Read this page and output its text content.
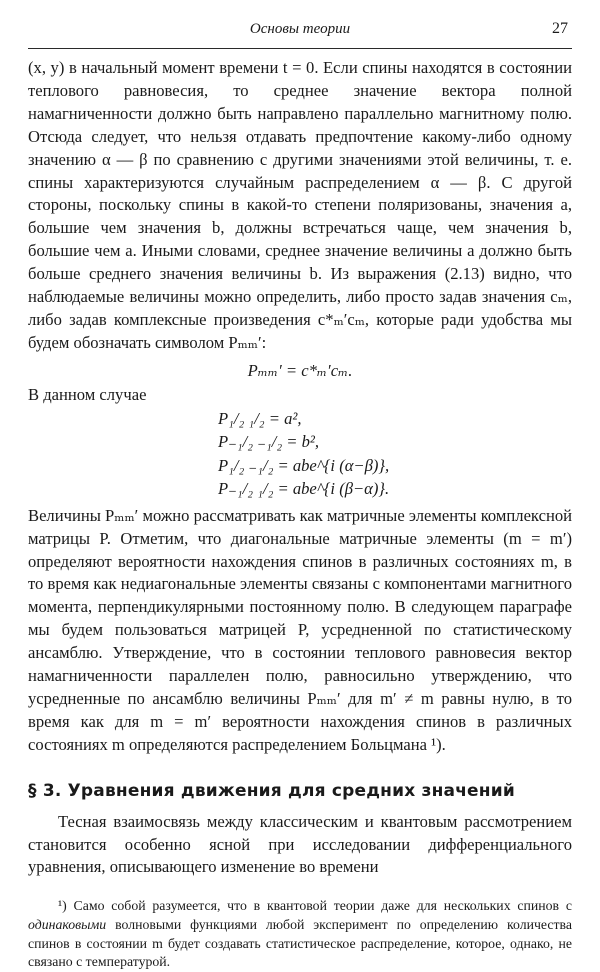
Основы теории	27

(x, y) в начальный момент времени t = 0. Если спины находятся в состоянии теплового равновесия, то среднее значение вектора полной намагниченности должно быть направлено параллельно магнитному полю. Отсюда следует, что нельзя отдавать предпочтение какому-либо одному значению α — β по сравнению с другими значениями этой величины, т. е. спины характеризуются случайным распределением α — β. С другой стороны, поскольку спины в какой-то степени поляризованы, значения a, большие чем значения b, должны встречаться чаще, чем значения b, большие чем a. Иными словами, среднее значение величины a должно быть больше среднего значения величины b. Из выражения (2.13) видно, что наблюдаемые величины можно определить, либо просто задав значения cₘ, либо задав комплексные произведения c*ₘ′cₘ, которые ради удобства мы будем обозначать символом Pₘₘ′:

Pₘₘ′ = c*ₘ′cₘ.

В данном случае

P₁/₂ ₁/₂ = a²,
P₋₁/₂ ₋₁/₂ = b²,
P₁/₂ ₋₁/₂ = abe^{i (α−β)},
P₋₁/₂ ₁/₂ = abe^{i (β−α)}.

Величины Pₘₘ′ можно рассматривать как матричные элементы комплексной матрицы P. Отметим, что диагональные матричные элементы (m = m′) определяют вероятности нахождения спинов в различных состояниях m, в то время как недиагональные элементы связаны с компонентами магнитного момента, перпендикулярными постоянному полю. В следующем параграфе мы будем пользоваться матрицей P, усредненной по статистическому ансамблю. Утверждение, что в состоянии теплового равновесия вектор намагниченности параллелен полю, равносильно утверждению, что усредненные по ансамблю величины Pₘₘ′ для m′ ≠ m равны нулю, в то время как для m = m′ вероятности нахождения спинов в различных состояниях m определяются распределением Больцмана ¹).

§ 3. Уравнения движения для средних значений

Тесная взаимосвязь между классическим и квантовым рассмотрением становится особенно ясной при исследовании дифференциального уравнения, описывающего изменение во времени

¹) Само собой разумеется, что в квантовой теории даже для нескольких спинов с одинаковыми волновыми функциями любой эксперимент по определению количества спинов в состоянии m будет создавать статистическое распределение, которое, однако, не связано с температурой.
